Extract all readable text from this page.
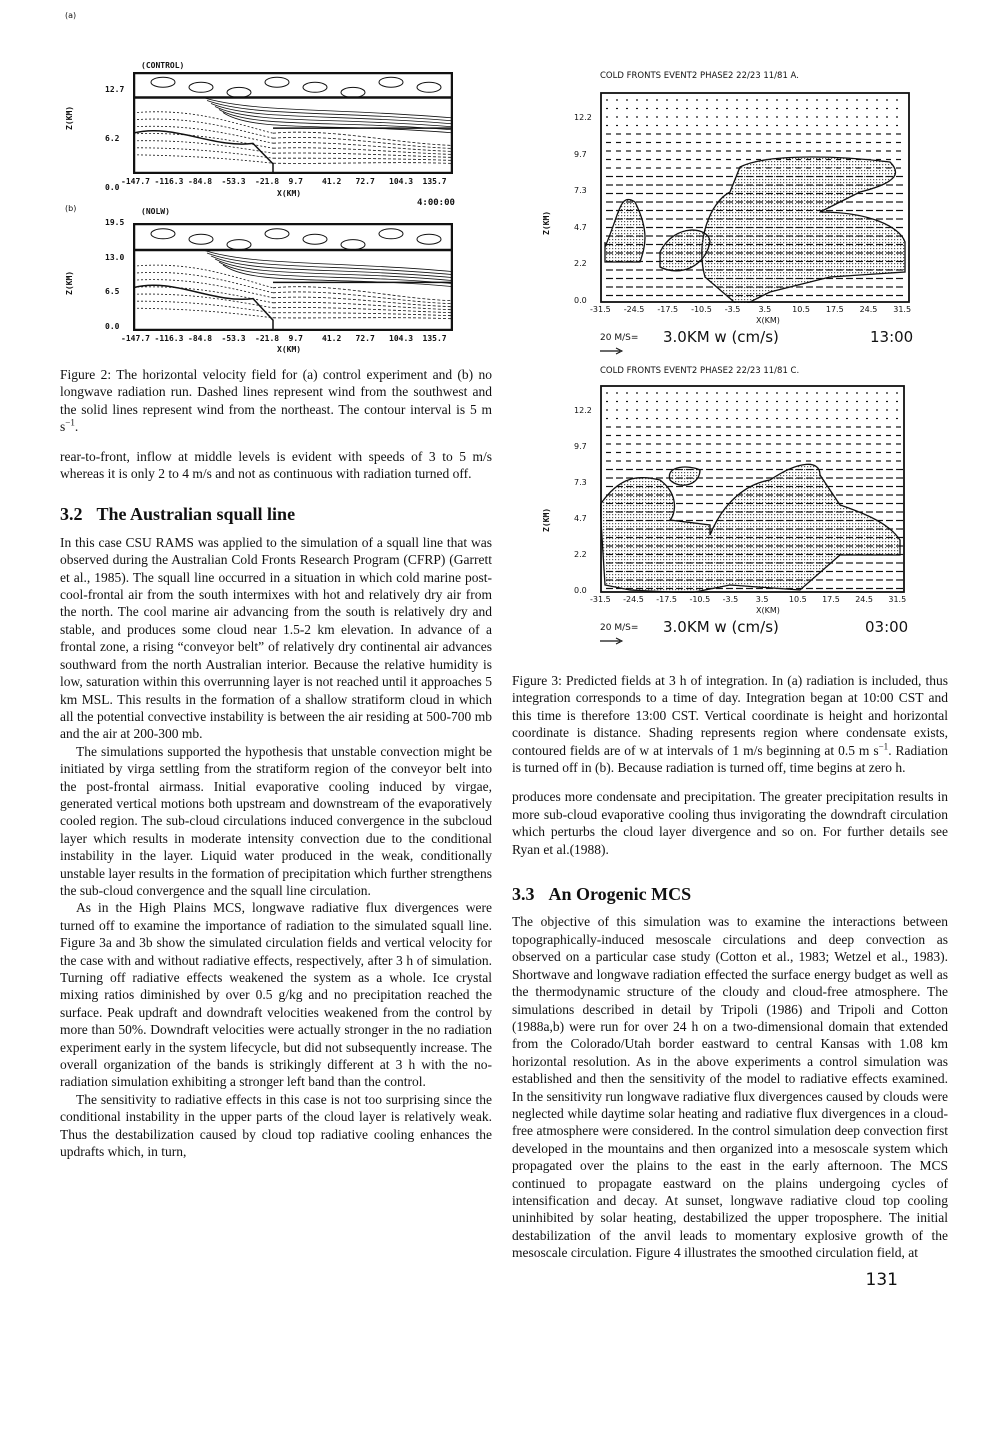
(a)
(b)
(CONTROL)
(NOLW)
Z(KM)
Z(KM)
X(KM)
X(KM)
4:00:00
12.7
6.2
0.0
-147.7 -116.3 -84.8 -53.3 -21.8 9.7 41.2 72.7 104.3 135.7
19.5
13.0
6.5
0.0
-147.7 -116.3 -84.8 -53.3 -21.8 9.7 41.2 72.7 104.3 135.7
Figure 2: The horizontal velocity field for (a) control experiment and (b) no longwave radiation run. Dashed lines represent wind from the southwest and the solid lines represent wind from the northeast. The contour interval is 5 m $s^{-1}$.

rear-to-front, inflow at middle levels is evident with speeds of 3 to 5 m/s whereas it is only 2 to 4 m/s and not as continuous with radiation turned off.

3.2 The Australian squall line

In this case CSU RAMS was applied to the simulation of a squall line that was observed during the Australian Cold Fronts Research Program (CFRP) (Garrett et al., 1985). The squall line occurred in a situation in which cold marine post-cool-frontal air from the south intermixes with hot and relatively dry air from the north. The cool marine air advancing from the south is relatively dry and stable, and produces some cloud near 1.5-2 km elevation. In advance of a frontal zone, a rising “conveyor belt” of relatively dry continental air advances southward from the north Australian interior. Because the relative humidity is low, saturation within this overrunning layer is not reached until it approaches 5 km MSL. This results in the formation of a shallow stratiform cloud in which all the potential convective instability is between the air residing at 500-700 mb and the air at 200-300 mb.

The simulations supported the hypothesis that unstable convection might be initiated by virga settling from the stratiform region of the conveyor belt into the post-frontal airmass. Initial evaporative cooling induced by virgae, generated vertical motions both upstream and downstream of the evaporatively cooled region. The sub-cloud circulations induced convergence in the subcloud layer which results in moderate intensity convection due to the conditional instability in the layer. Liquid water produced in the weak, conditionally unstable layer results in the formation of precipitation which further strengthens the sub-cloud convergence and the squall line circulation.

As in the High Plains MCS, longwave radiative flux divergences were turned off to examine the importance of radiation to the simulated squall line. Figure 3a and 3b show the simulated circulation fields and vertical velocity for the case with and without radiative effects, respectively, after 3 h of simulation. Turning off radiative effects weakened the system as a whole. Ice crystal mixing ratios diminished by over 0.5 g/kg and no precipitation reached the surface. Peak updraft and downdraft velocities weakened from the control by more than 50%. Downdraft velocities were actually stronger in the no radiation experiment early in the system lifecycle, but did not subsequently increase. The overall organization of the bands is strikingly different at 3 h with the no-radiation simulation exhibiting a stronger left band than the control.

The sensitivity to radiative effects in this case is not too surprising since the conditional instability in the upper parts of the cloud layer is relatively weak. Thus the destabilization caused by cloud top radiative cooling enhances the updrafts which, in turn,

COLD FRONTS EVENT2 PHASE2 22/23 11/81 A.
Z(KM)
X(KM)
20 M/S= 3.0KM w (cm/s)	13:00
12.2
9.7
7.3
4.7
2.2
0.0
-31.5 -24.5 -17.5 -10.5 -3.5 3.5	10.5 17.5 24.5 31.5
COLD FRONTS EVENT2 PHASE2 22/23 11/81 C.
Z(KM)
X(KM)
20 M/S= 3.0KM w (cm/s)	03:00
12.2
9.7
7.3
4.7
2.2
0.0
-31.5 -24.5 -17.5 -10.5 -3.5 3.5	10.5 17.5 24.5 31.5
Figure 3: Predicted fields at 3 h of integration. In (a) radiation is included, thus integration corresponds to a time of day. Integration began at 10:00 CST and this time is therefore 13:00 CST. Vertical coordinate is height and horizontal coordinate is distance. Shading represents region where condensate exists, contoured fields are of w at intervals of 1 m/s beginning at 0.5 m $s^{-1}$. Radiation is turned off in (b). Because radiation is turned off, time begins at zero h.

produces more condensate and precipitation. The greater precipitation results in more sub-cloud evaporative cooling thus invigorating the downdraft circulation which perturbs the cloud layer divergence and so on. For further details see Ryan et al.(1988).

3.3 An Orogenic MCS

The objective of this simulation was to examine the interactions between topographically-induced mesoscale circulations and deep convection as observed on a particular case study (Cotton et al., 1983; Wetzel et al., 1983). Shortwave and longwave radiation effected the surface energy budget as well as the thermodynamic structure of the cloudy and cloud-free atmosphere. The simulations described in detail by Tripoli (1986) and Tripoli and Cotton (1988a,b) were run for over 24 h on a two-dimensional domain that extended from the Colorado/Utah border eastward to central Kansas with 1.08 km horizontal resolution. As in the above experiments a control simulation was established and then the sensitivity of the model to radiative effects examined. In the sensitivity run longwave radiative flux divergences caused by clouds were neglected while daytime solar heating and radiative flux divergences in a cloud-free atmosphere were considered. In the control simulation deep convection first developed in the mountains and then organized into a mesoscale system which propagated over the plains to the east in the early afternoon. The MCS continued to propagate eastward on the plains undergoing cycles of intensification and decay. At sunset, longwave radiative cloud top cooling uninhibited by solar heating, destabilized the upper troposphere. The initial destabilization of the anvil leads to momentary explosive growth of the mesoscale circulation. Figure 4 illustrates the smoothed circulation field, at

131
